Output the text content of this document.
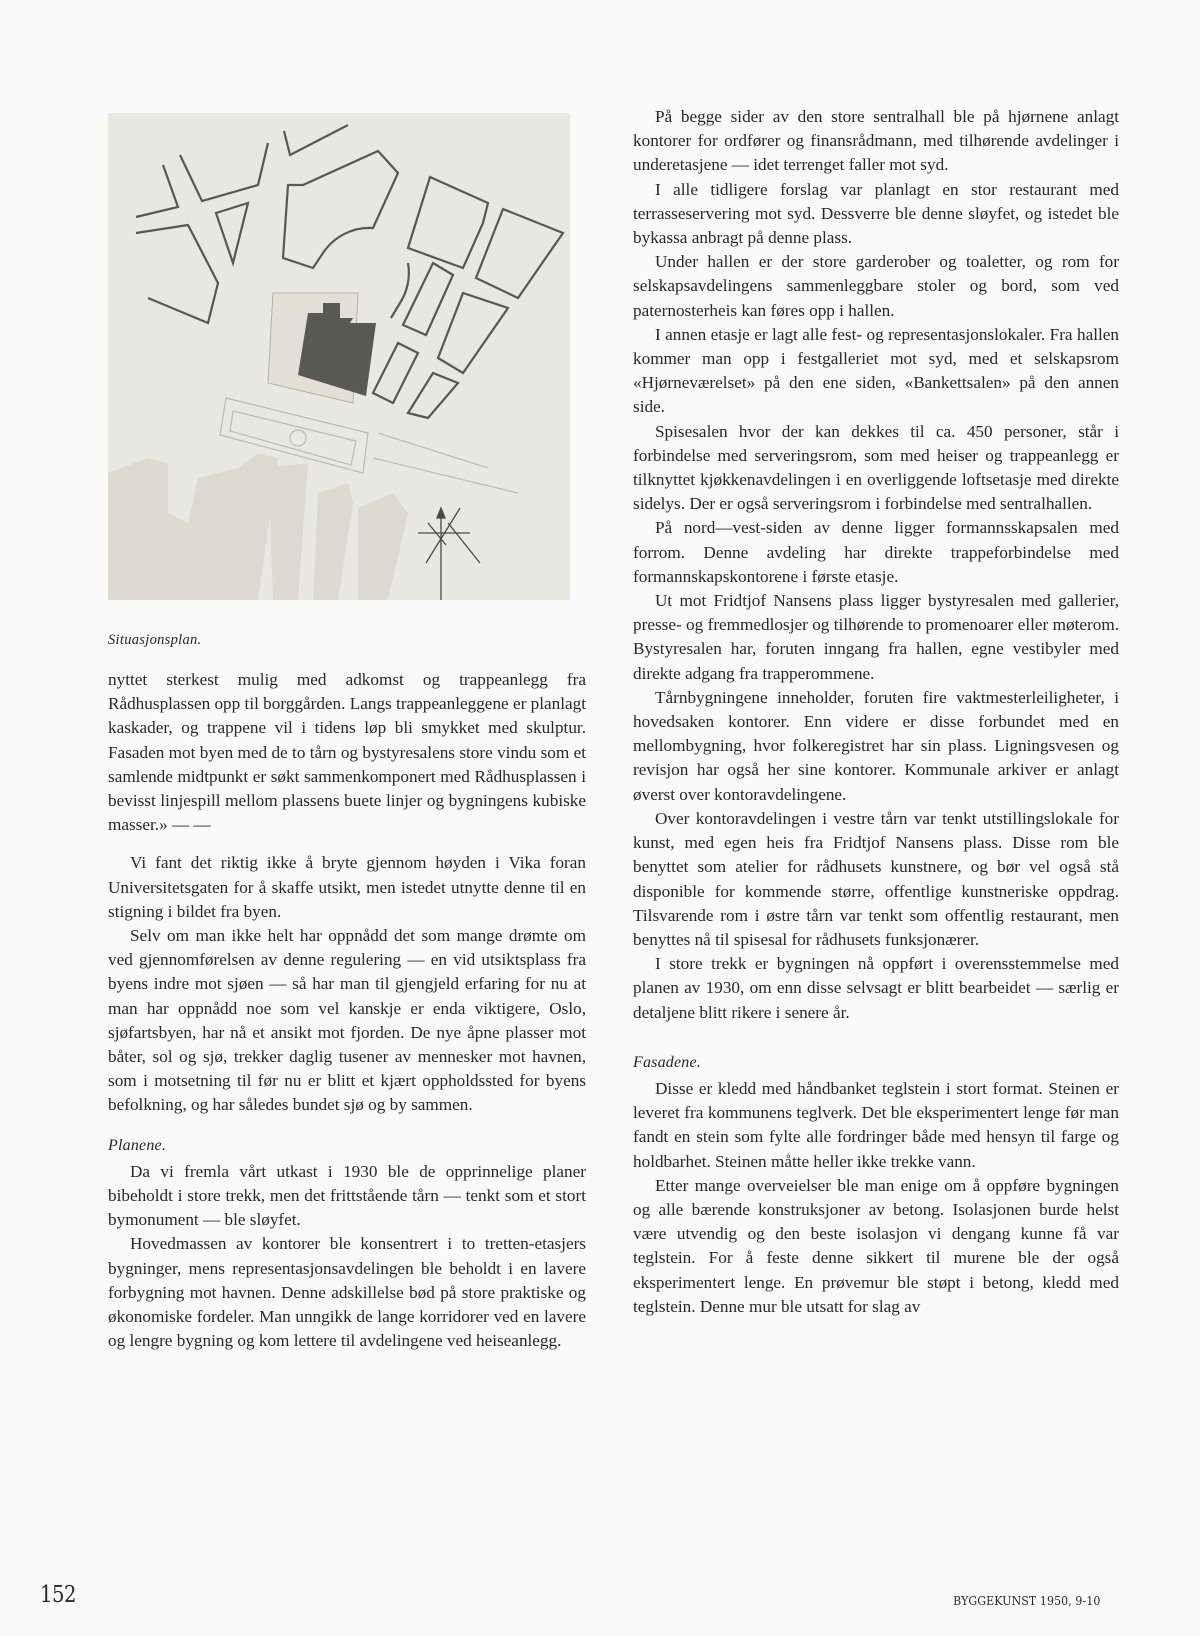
Situasjonsplan.

nyttet sterkest mulig med adkomst og trappeanlegg fra Rådhusplassen opp til borggården. Langs trappeanleggene er planlagt kaskader, og trappene vil i tidens løp bli smykket med skulptur. Fasaden mot byen med de to tårn og bystyresalens store vindu som et samlende midtpunkt er søkt sammenkomponert med Rådhusplassen i bevisst linjespill mellom plassens buete linjer og bygningens kubiske masser.» — —

Vi fant det riktig ikke å bryte gjennom høyden i Vika foran Universitetsgaten for å skaffe utsikt, men istedet utnytte denne til en stigning i bildet fra byen.

Selv om man ikke helt har oppnådd det som mange drømte om ved gjennomførelsen av denne regulering — en vid utsiktsplass fra byens indre mot sjøen — så har man til gjengjeld erfaring for nu at man har oppnådd noe som vel kanskje er enda viktigere, Oslo, sjøfartsbyen, har nå et ansikt mot fjorden. De nye åpne plasser mot båter, sol og sjø, trekker daglig tusener av mennesker mot havnen, som i motsetning til før nu er blitt et kjært oppholdssted for byens befolkning, og har således bundet sjø og by sammen.

Planene.

Da vi fremla vårt utkast i 1930 ble de opprinnelige planer bibeholdt i store trekk, men det frittstående tårn — tenkt som et stort bymonument — ble sløyfet.

Hovedmassen av kontorer ble konsentrert i to tretten-etasjers bygninger, mens representasjonsavdelingen ble beholdt i en lavere forbygning mot havnen. Denne adskillelse bød på store praktiske og økonomiske fordeler. Man unngikk de lange korridorer ved en lavere og lengre bygning og kom lettere til avdelingene ved heiseanlegg.

På begge sider av den store sentralhall ble på hjørnene anlagt kontorer for ordfører og finansrådmann, med tilhørende avdelinger i underetasjene — idet terrenget faller mot syd.

I alle tidligere forslag var planlagt en stor restaurant med terrasseservering mot syd. Dessverre ble denne sløyfet, og istedet ble bykassa anbragt på denne plass.

Under hallen er der store garderober og toaletter, og rom for selskapsavdelingens sammenleggbare stoler og bord, som ved paternosterheis kan føres opp i hallen.

I annen etasje er lagt alle fest- og representasjonslokaler. Fra hallen kommer man opp i festgalleriet mot syd, med et selskapsrom «Hjørneværelset» på den ene siden, «Bankettsalen» på den annen side.

Spisesalen hvor der kan dekkes til ca. 450 personer, står i forbindelse med serveringsrom, som med heiser og trappeanlegg er tilknyttet kjøkkenavdelingen i en overliggende loftsetasje med direkte sidelys. Der er også serveringsrom i forbindelse med sentralhallen.

På nord—vest-siden av denne ligger formannsskapsalen med forrom. Denne avdeling har direkte trappeforbindelse med formannskapskontorene i første etasje.

Ut mot Fridtjof Nansens plass ligger bystyresalen med gallerier, presse- og fremmedlosjer og tilhørende to promenoarer eller møterom. Bystyresalen har, foruten inngang fra hallen, egne vestibyler med direkte adgang fra trapperommene.

Tårnbygningene inneholder, foruten fire vaktmesterleiligheter, i hovedsaken kontorer. Enn videre er disse forbundet med en mellombygning, hvor folkeregistret har sin plass. Ligningsvesen og revisjon har også her sine kontorer. Kommunale arkiver er anlagt øverst over kontoravdelingene.

Over kontoravdelingen i vestre tårn var tenkt utstillingslokale for kunst, med egen heis fra Fridtjof Nansens plass. Disse rom ble benyttet som atelier for rådhusets kunstnere, og bør vel også stå disponible for kommende større, offentlige kunstneriske oppdrag. Tilsvarende rom i østre tårn var tenkt som offentlig restaurant, men benyttes nå til spisesal for rådhusets funksjonærer.

I store trekk er bygningen nå oppført i overensstemmelse med planen av 1930, om enn disse selvsagt er blitt bearbeidet — særlig er detaljene blitt rikere i senere år.

Fasadene.

Disse er kledd med håndbanket teglstein i stort format. Steinen er leveret fra kommunens teglverk. Det ble eksperimentert lenge før man fandt en stein som fylte alle fordringer både med hensyn til farge og holdbarhet. Steinen måtte heller ikke trekke vann.

Etter mange overveielser ble man enige om å oppføre bygningen og alle bærende konstruksjoner av betong. Isolasjonen burde helst være utvendig og den beste isolasjon vi dengang kunne få var teglstein. For å feste denne sikkert til murene ble der også eksperimentert lenge. En prøvemur ble støpt i betong, kledd med teglstein. Denne mur ble utsatt for slag av

152	BYGGEKUNST 1950, 9-10
